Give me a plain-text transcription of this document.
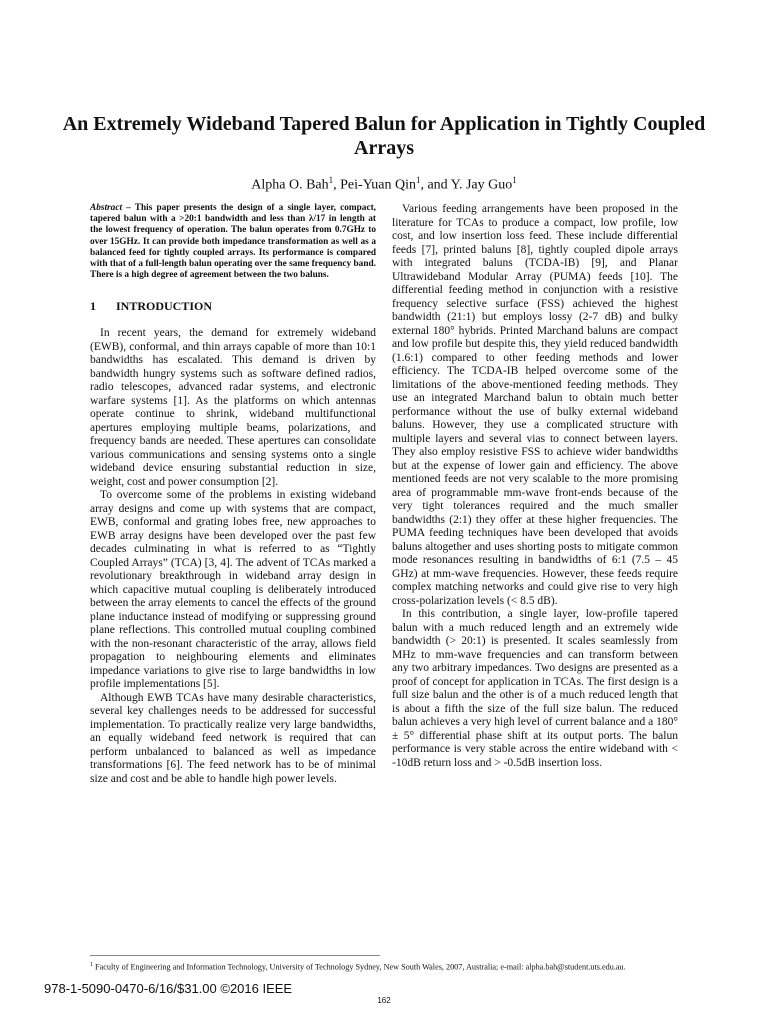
An Extremely Wideband Tapered Balun for Application in Tightly Coupled Arrays
Alpha O. Bah$^1$, Pei-Yuan Qin$^1$, and Y. Jay Guo$^1$

Abstract – This paper presents the design of a single layer, compact, tapered balun with a >20:1 bandwidth and less than λ/17 in length at the lowest frequency of operation. The balun operates from 0.7GHz to over 15GHz. It can provide both impedance transformation as well as a balanced feed for tightly coupled arrays. Its performance is compared with that of a full-length balun operating over the same frequency band. There is a high degree of agreement between the two baluns.

1 INTRODUCTION

In recent years, the demand for extremely wideband (EWB), conformal, and thin arrays capable of more than 10:1 bandwidths has escalated. This demand is driven by bandwidth hungry systems such as software defined radios, radio telescopes, advanced radar systems, and electronic warfare systems [1]. As the platforms on which antennas operate continue to shrink, wideband multifunctional apertures employing multiple beams, polarizations, and frequency bands are needed. These apertures can consolidate various communications and sensing systems onto a single wideband device ensuring substantial reduction in size, weight, cost and power consumption [2].

To overcome some of the problems in existing wideband array designs and come up with systems that are compact, EWB, conformal and grating lobes free, new approaches to EWB array designs have been developed over the past few decades culminating in what is referred to as “Tightly Coupled Arrays” (TCA) [3, 4]. The advent of TCAs marked a revolutionary breakthrough in wideband array design in which capacitive mutual coupling is deliberately introduced between the array elements to cancel the effects of the ground plane inductance instead of modifying or suppressing ground plane reflections. This controlled mutual coupling combined with the non-resonant characteristic of the array, allows field propagation to neighbouring elements and eliminates impedance variations to give rise to large bandwidths in low profile implementations [5].

Although EWB TCAs have many desirable characteristics, several key challenges needs to be addressed for successful implementation. To practically realize very large bandwidths, an equally wideband feed network is required that can perform unbalanced to balanced as well as impedance transformations [6]. The feed network has to be of minimal size and cost and be able to handle high power levels.

Various feeding arrangements have been proposed in the literature for TCAs to produce a compact, low profile, low cost, and low insertion loss feed. These include differential feeds [7], printed baluns [8], tightly coupled dipole arrays with integrated baluns (TCDA-IB) [9], and Planar Ultrawideband Modular Array (PUMA) feeds [10]. The differential feeding method in conjunction with a resistive frequency selective surface (FSS) achieved the highest bandwidth (21:1) but employs lossy (2-7 dB) and bulky external 180° hybrids. Printed Marchand baluns are compact and low profile but despite this, they yield reduced bandwidth (1.6:1) compared to other feeding methods and lower efficiency. The TCDA-IB helped overcome some of the limitations of the above-mentioned feeding methods. They use an integrated Marchand balun to obtain much better performance without the use of bulky external wideband baluns. However, they use a complicated structure with multiple layers and several vias to connect between layers. They also employ resistive FSS to achieve wider bandwidths but at the expense of lower gain and efficiency. The above mentioned feeds are not very scalable to the more promising area of programmable mm-wave front-ends because of the very tight tolerances required and the much smaller bandwidths (2:1) they offer at these higher frequencies. The PUMA feeding techniques have been developed that avoids baluns altogether and uses shorting posts to mitigate common mode resonances resulting in bandwidths of 6:1 (7.5 – 45 GHz) at mm-wave frequencies. However, these feeds require complex matching networks and could give rise to very high cross-polarization levels (< 8.5 dB).

In this contribution, a single layer, low-profile tapered balun with a much reduced length and an extremely wide bandwidth (> 20:1) is presented. It scales seamlessly from MHz to mm-wave frequencies and can transform between any two arbitrary impedances. Two designs are presented as a proof of concept for application in TCAs. The first design is a full size balun and the other is of a much reduced length that is about a fifth the size of the full size balun. The reduced balun achieves a very high level of current balance and a 180° ± 5° differential phase shift at its output ports. The balun performance is very stable across the entire wideband with < -10dB return loss and > -0.5dB insertion loss.

$^1$ Faculty of Engineering and Information Technology, University of Technology Sydney, New South Wales, 2007, Australia; e-mail: alpha.bah@student.uts.edu.au.
978-1-5090-0470-6/16/$31.00 ©2016 IEEE
162
